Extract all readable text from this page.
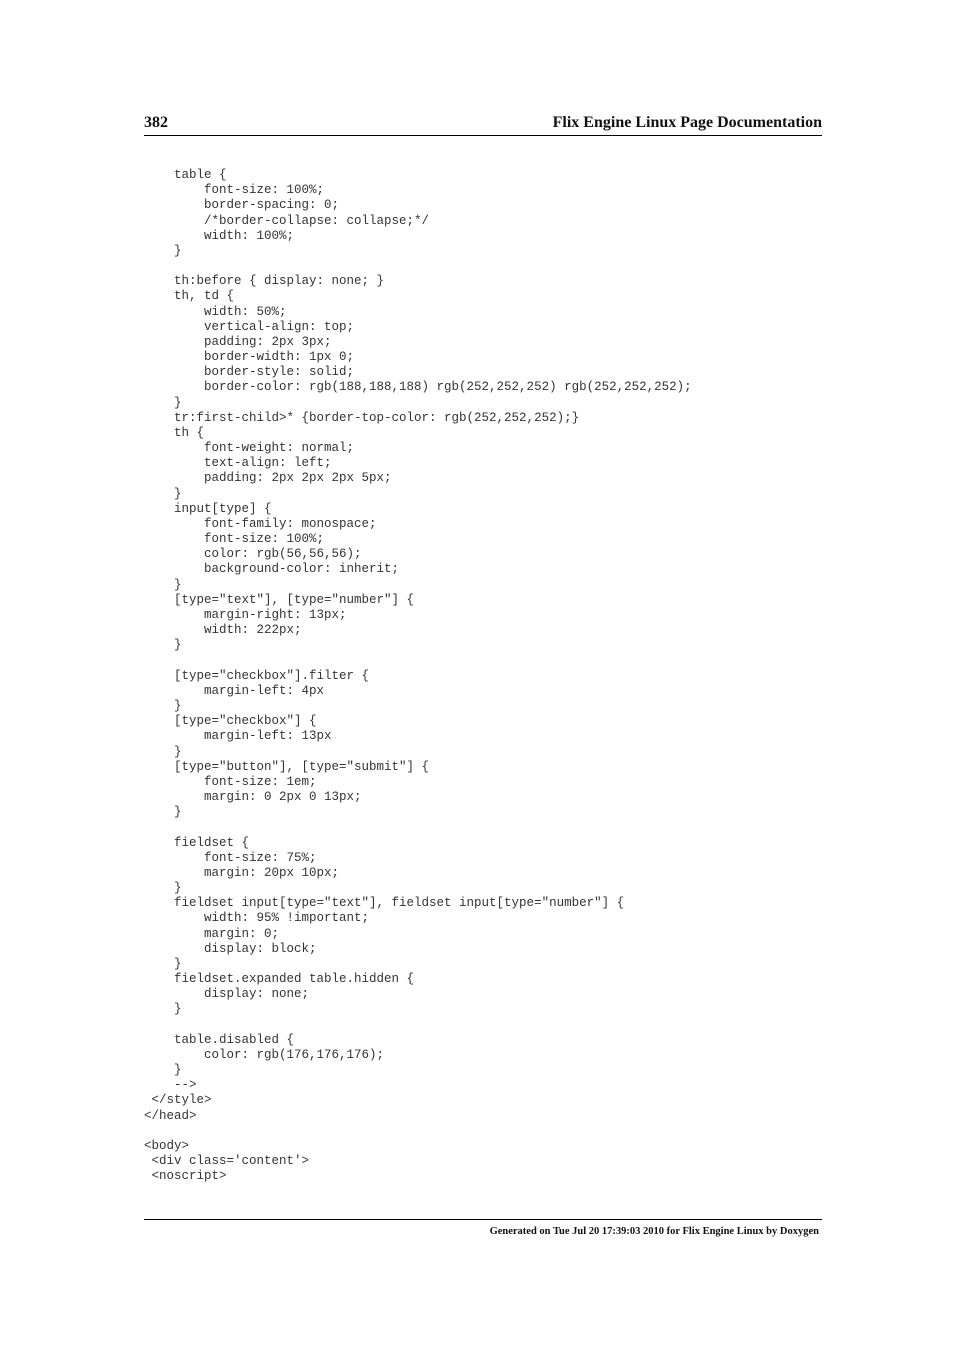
382	Flix Engine Linux Page Documentation
table {
font-size: 100%;
border-spacing: 0;
/*border-collapse: collapse;*/
width: 100%;
}
th:before { display: none; }
th, td {
width: 50%;
vertical-align: top;
padding: 2px 3px;
border-width: 1px 0;
border-style: solid;
border-color: rgb(188,188,188) rgb(252,252,252) rgb(252,252,252);
}
tr:first-child>* {border-top-color: rgb(252,252,252);}
th {
font-weight: normal;
text-align: left;
padding: 2px 2px 2px 5px;
}
input[type] {
font-family: monospace;
font-size: 100%;
color: rgb(56,56,56);
background-color: inherit;
}
[type="text"], [type="number"] {
margin-right: 13px;
width: 222px;
}
[type="checkbox"].filter {
margin-left: 4px
}
[type="checkbox"] {
margin-left: 13px
}
[type="button"], [type="submit"] {
font-size: 1em;
margin: 0 2px 0 13px;
}
fieldset {
font-size: 75%;
margin: 20px 10px;
}
fieldset input[type="text"], fieldset input[type="number"] {
width: 95% !important;
margin: 0;
display: block;
}
fieldset.expanded table.hidden {
display: none;
}
table.disabled {
color: rgb(176,176,176);
}
-->
</style>
</head>
<body>
<div class='content'>
<noscript>
Generated on Tue Jul 20 17:39:03 2010 for Flix Engine Linux by Doxygen
